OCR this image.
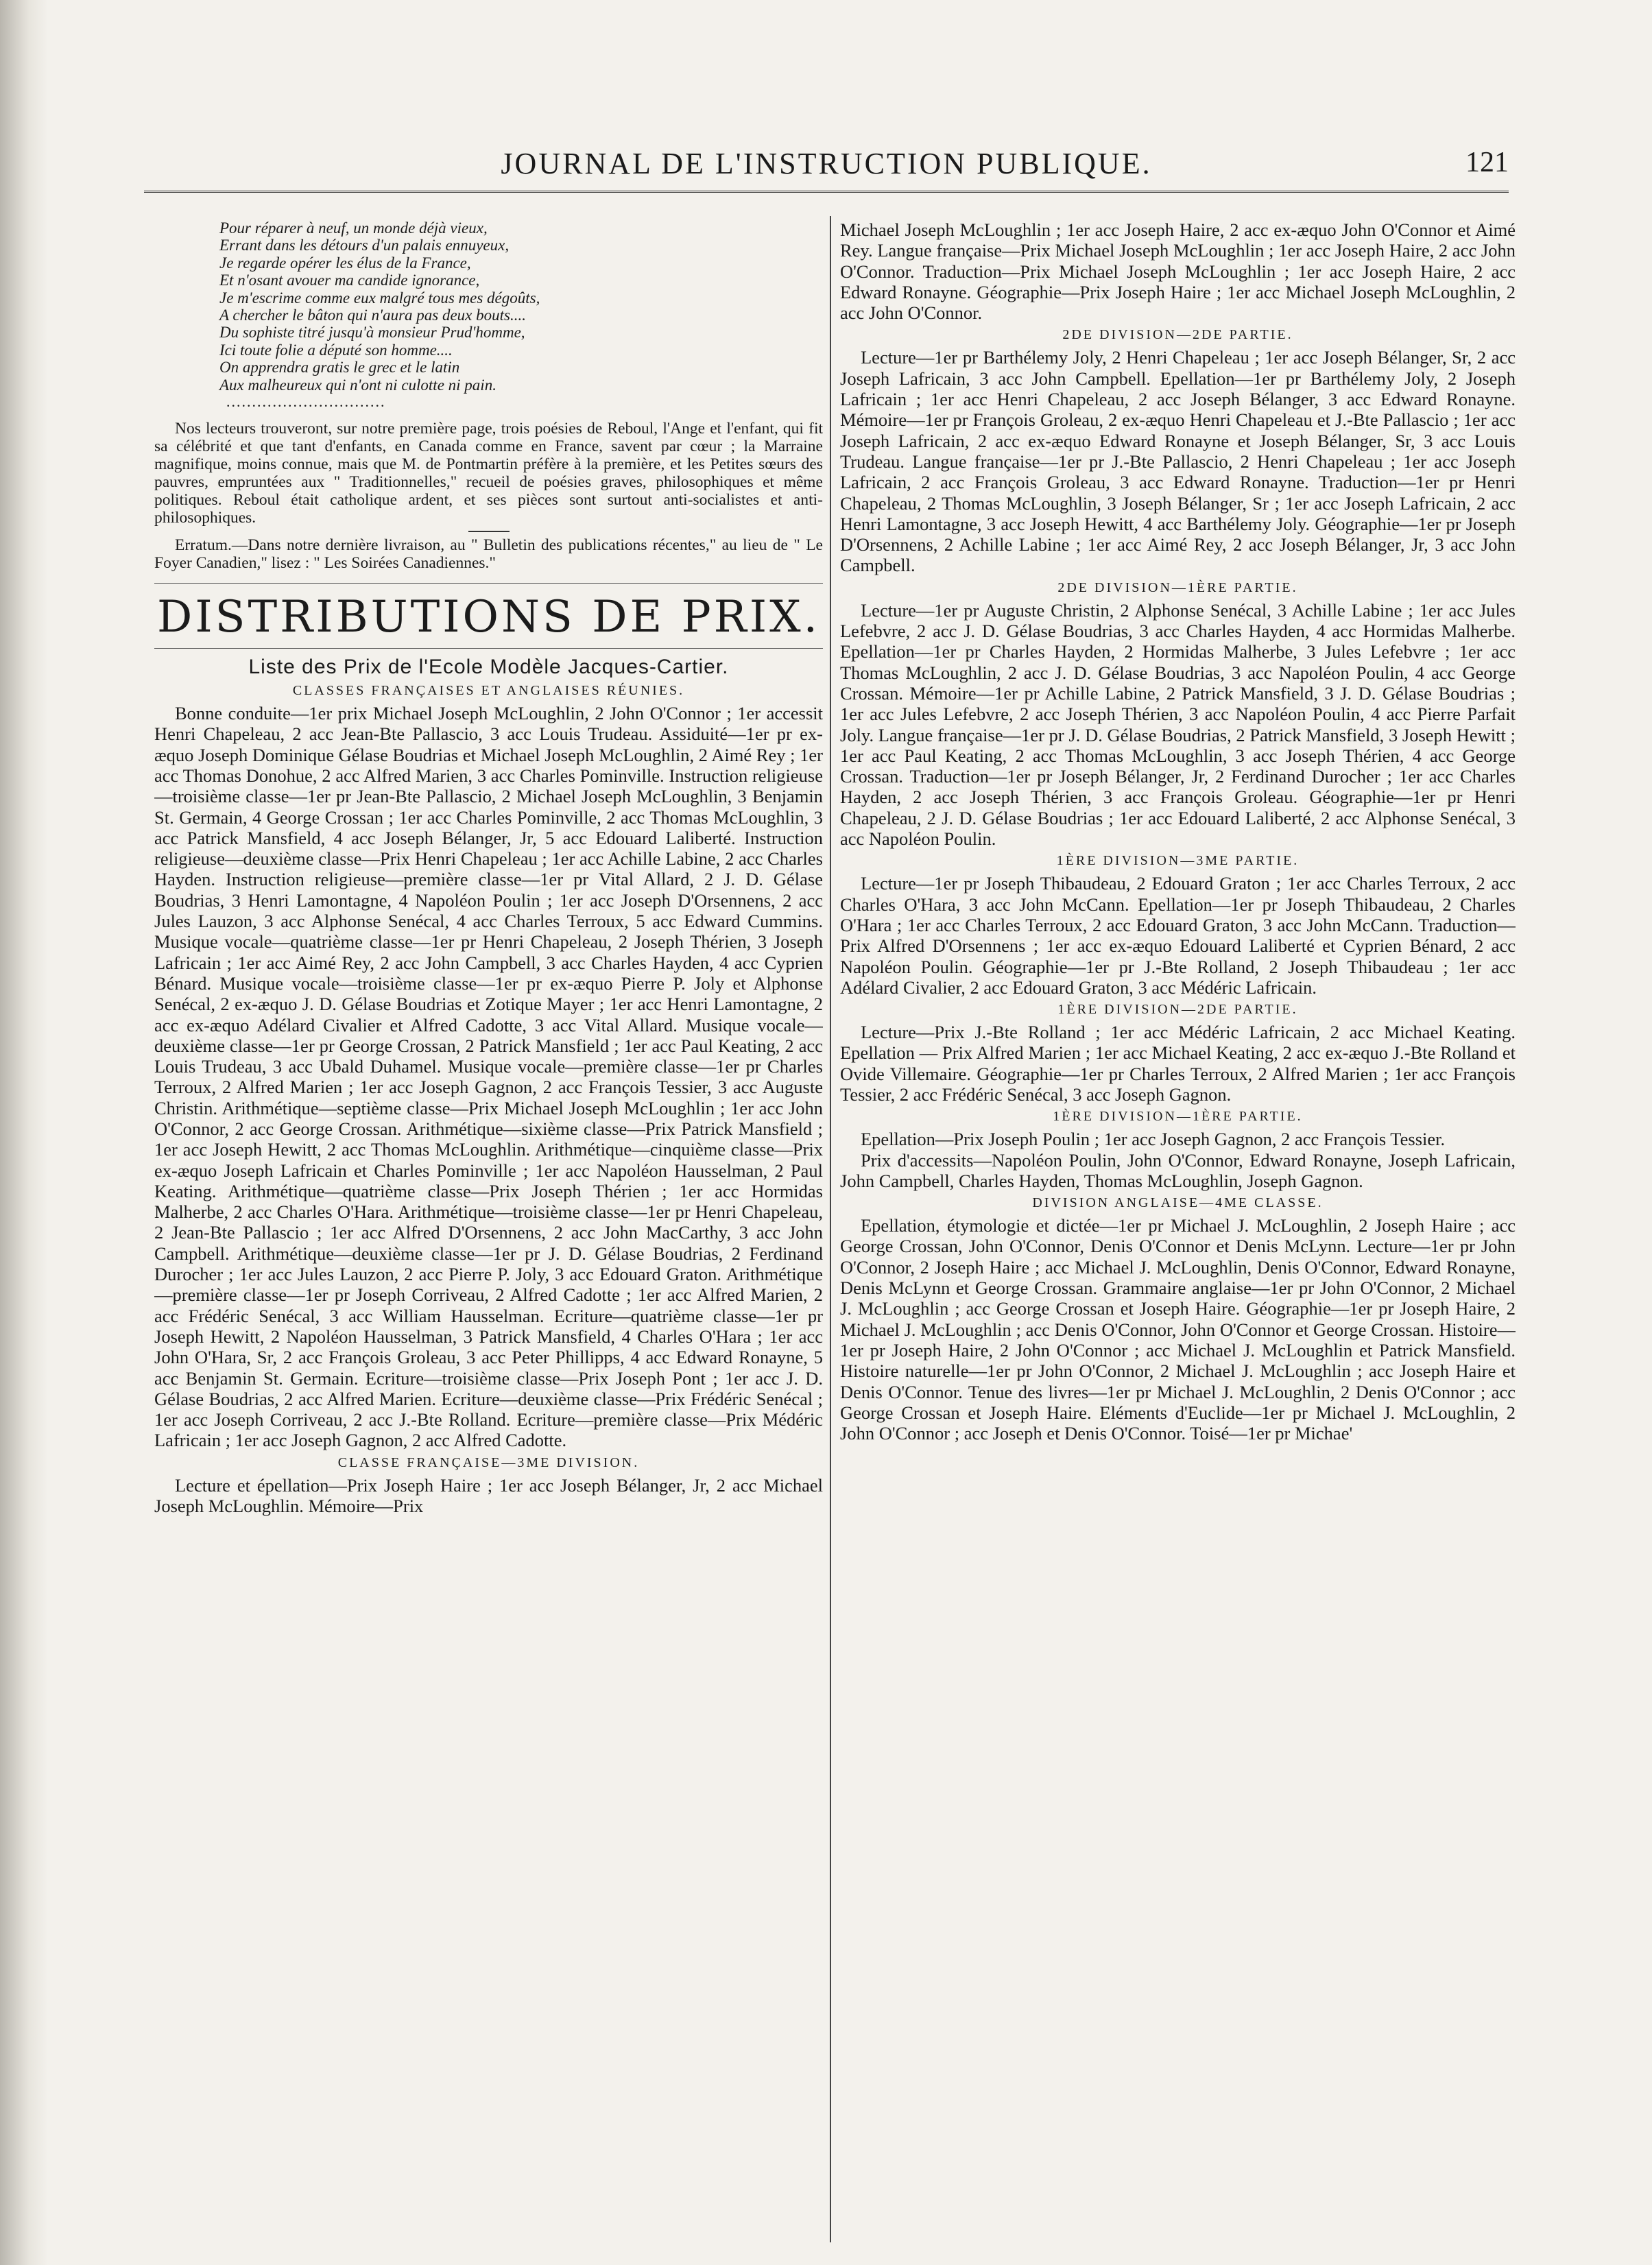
JOURNAL DE L'INSTRUCTION PUBLIQUE.	121
Pour réparer à neuf, un monde déjà vieux,
Errant dans les détours d'un palais ennuyeux,
Je regarde opérer les élus de la France,
Et n'osant avouer ma candide ignorance,
Je m'escrime comme eux malgré tous mes dégoûts,
A chercher le bâton qui n'aura pas deux bouts....
Du sophiste titré jusqu'à monsieur Prud'homme,
Ici toute folie a député son homme....
On apprendra gratis le grec et le latin
Aux malheureux qui n'ont ni culotte ni pain.
...............................

Nos lecteurs trouveront, sur notre première page, trois poésies de Reboul, l'Ange et l'enfant, qui fit sa célébrité et que tant d'enfants, en Canada comme en France, savent par cœur ; la Marraine magnifique, moins connue, mais que M. de Pontmartin préfère à la première, et les Petites sœurs des pauvres, empruntées aux " Traditionnelles," recueil de poésies graves, philosophiques et même politiques. Reboul était catholique ardent, et ses pièces sont surtout anti-socialistes et anti-philosophiques.

Erratum.—Dans notre dernière livraison, au " Bulletin des publications récentes," au lieu de " Le Foyer Canadien," lisez : " Les Soirées Canadiennes."

DISTRIBUTIONS DE PRIX.
Liste des Prix de l'Ecole Modèle Jacques-Cartier.
CLASSES FRANÇAISES ET ANGLAISES RÉUNIES.

Bonne conduite—1er prix Michael Joseph McLoughlin, 2 John O'Connor ; 1er accessit Henri Chapeleau, 2 acc Jean-Bte Pallascio, 3 acc Louis Trudeau. Assiduité—1er pr ex-æquo Joseph Dominique Gélase Boudrias et Michael Joseph McLoughlin, 2 Aimé Rey ; 1er acc Thomas Donohue, 2 acc Alfred Marien, 3 acc Charles Pominville. Instruction religieuse—troisième classe—1er pr Jean-Bte Pallascio, 2 Michael Joseph McLoughlin, 3 Benjamin St. Germain, 4 George Crossan ; 1er acc Charles Pominville, 2 acc Thomas McLoughlin, 3 acc Patrick Mansfield, 4 acc Joseph Bélanger, Jr, 5 acc Edouard Laliberté. Instruction religieuse—deuxième classe—Prix Henri Chapeleau ; 1er acc Achille Labine, 2 acc Charles Hayden. Instruction religieuse—première classe—1er pr Vital Allard, 2 J. D. Gélase Boudrias, 3 Henri Lamontagne, 4 Napoléon Poulin ; 1er acc Joseph D'Orsennens, 2 acc Jules Lauzon, 3 acc Alphonse Senécal, 4 acc Charles Terroux, 5 acc Edward Cummins. Musique vocale—quatrième classe—1er pr Henri Chapeleau, 2 Joseph Thérien, 3 Joseph Lafricain ; 1er acc Aimé Rey, 2 acc John Campbell, 3 acc Charles Hayden, 4 acc Cyprien Bénard. Musique vocale—troisième classe—1er pr ex-æquo Pierre P. Joly et Alphonse Senécal, 2 ex-æquo J. D. Gélase Boudrias et Zotique Mayer ; 1er acc Henri Lamontagne, 2 acc ex-æquo Adélard Civalier et Alfred Cadotte, 3 acc Vital Allard. Musique vocale—deuxième classe—1er pr George Crossan, 2 Patrick Mansfield ; 1er acc Paul Keating, 2 acc Louis Trudeau, 3 acc Ubald Duhamel. Musique vocale—première classe—1er pr Charles Terroux, 2 Alfred Marien ; 1er acc Joseph Gagnon, 2 acc François Tessier, 3 acc Auguste Christin. Arithmétique—septième classe—Prix Michael Joseph McLoughlin ; 1er acc John O'Connor, 2 acc George Crossan. Arithmétique—sixième classe—Prix Patrick Mansfield ; 1er acc Joseph Hewitt, 2 acc Thomas McLoughlin. Arithmétique—cinquième classe—Prix ex-æquo Joseph Lafricain et Charles Pominville ; 1er acc Napoléon Hausselman, 2 Paul Keating. Arithmétique—quatrième classe—Prix Joseph Thérien ; 1er acc Hormidas Malherbe, 2 acc Charles O'Hara. Arithmétique—troisième classe—1er pr Henri Chapeleau, 2 Jean-Bte Pallascio ; 1er acc Alfred D'Orsennens, 2 acc John MacCarthy, 3 acc John Campbell. Arithmétique—deuxième classe—1er pr J. D. Gélase Boudrias, 2 Ferdinand Durocher ; 1er acc Jules Lauzon, 2 acc Pierre P. Joly, 3 acc Edouard Graton. Arithmétique—première classe—1er pr Joseph Corriveau, 2 Alfred Cadotte ; 1er acc Alfred Marien, 2 acc Frédéric Senécal, 3 acc William Hausselman. Ecriture—quatrième classe—1er pr Joseph Hewitt, 2 Napoléon Hausselman, 3 Patrick Mansfield, 4 Charles O'Hara ; 1er acc John O'Hara, Sr, 2 acc François Groleau, 3 acc Peter Phillipps, 4 acc Edward Ronayne, 5 acc Benjamin St. Germain. Ecriture—troisième classe—Prix Joseph Pont ; 1er acc J. D. Gélase Boudrias, 2 acc Alfred Marien. Ecriture—deuxième classe—Prix Frédéric Senécal ; 1er acc Joseph Corriveau, 2 acc J.-Bte Rolland. Ecriture—première classe—Prix Médéric Lafricain ; 1er acc Joseph Gagnon, 2 acc Alfred Cadotte.

CLASSE FRANÇAISE—3ME DIVISION.

Lecture et épellation—Prix Joseph Haire ; 1er acc Joseph Bélanger, Jr, 2 acc Michael Joseph McLoughlin. Mémoire—Prix

Michael Joseph McLoughlin ; 1er acc Joseph Haire, 2 acc ex-æquo John O'Connor et Aimé Rey. Langue française—Prix Michael Joseph McLoughlin ; 1er acc Joseph Haire, 2 acc John O'Connor. Traduction—Prix Michael Joseph McLoughlin ; 1er acc Joseph Haire, 2 acc Edward Ronayne. Géographie—Prix Joseph Haire ; 1er acc Michael Joseph McLoughlin, 2 acc John O'Connor.

2DE DIVISION—2DE PARTIE.

Lecture—1er pr Barthélemy Joly, 2 Henri Chapeleau ; 1er acc Joseph Bélanger, Sr, 2 acc Joseph Lafricain, 3 acc John Campbell. Epellation—1er pr Barthélemy Joly, 2 Joseph Lafricain ; 1er acc Henri Chapeleau, 2 acc Joseph Bélanger, 3 acc Edward Ronayne. Mémoire—1er pr François Groleau, 2 ex-æquo Henri Chapeleau et J.-Bte Pallascio ; 1er acc Joseph Lafricain, 2 acc ex-æquo Edward Ronayne et Joseph Bélanger, Sr, 3 acc Louis Trudeau. Langue française—1er pr J.-Bte Pallascio, 2 Henri Chapeleau ; 1er acc Joseph Lafricain, 2 acc François Groleau, 3 acc Edward Ronayne. Traduction—1er pr Henri Chapeleau, 2 Thomas McLoughlin, 3 Joseph Bélanger, Sr ; 1er acc Joseph Lafricain, 2 acc Henri Lamontagne, 3 acc Joseph Hewitt, 4 acc Barthélemy Joly. Géographie—1er pr Joseph D'Orsennens, 2 Achille Labine ; 1er acc Aimé Rey, 2 acc Joseph Bélanger, Jr, 3 acc John Campbell.

2DE DIVISION—1ÈRE PARTIE.

Lecture—1er pr Auguste Christin, 2 Alphonse Senécal, 3 Achille Labine ; 1er acc Jules Lefebvre, 2 acc J. D. Gélase Boudrias, 3 acc Charles Hayden, 4 acc Hormidas Malherbe. Epellation—1er pr Charles Hayden, 2 Hormidas Malherbe, 3 Jules Lefebvre ; 1er acc Thomas McLoughlin, 2 acc J. D. Gélase Boudrias, 3 acc Napoléon Poulin, 4 acc George Crossan. Mémoire—1er pr Achille Labine, 2 Patrick Mansfield, 3 J. D. Gélase Boudrias ; 1er acc Jules Lefebvre, 2 acc Joseph Thérien, 3 acc Napoléon Poulin, 4 acc Pierre Parfait Joly. Langue française—1er pr J. D. Gélase Boudrias, 2 Patrick Mansfield, 3 Joseph Hewitt ; 1er acc Paul Keating, 2 acc Thomas McLoughlin, 3 acc Joseph Thérien, 4 acc George Crossan. Traduction—1er pr Joseph Bélanger, Jr, 2 Ferdinand Durocher ; 1er acc Charles Hayden, 2 acc Joseph Thérien, 3 acc François Groleau. Géographie—1er pr Henri Chapeleau, 2 J. D. Gélase Boudrias ; 1er acc Edouard Laliberté, 2 acc Alphonse Senécal, 3 acc Napoléon Poulin.

1ÈRE DIVISION—3ME PARTIE.

Lecture—1er pr Joseph Thibaudeau, 2 Edouard Graton ; 1er acc Charles Terroux, 2 acc Charles O'Hara, 3 acc John McCann. Epellation—1er pr Joseph Thibaudeau, 2 Charles O'Hara ; 1er acc Charles Terroux, 2 acc Edouard Graton, 3 acc John McCann. Traduction—Prix Alfred D'Orsennens ; 1er acc ex-æquo Edouard Laliberté et Cyprien Bénard, 2 acc Napoléon Poulin. Géographie—1er pr J.-Bte Rolland, 2 Joseph Thibaudeau ; 1er acc Adélard Civalier, 2 acc Edouard Graton, 3 acc Médéric Lafricain.

1ÈRE DIVISION—2DE PARTIE.

Lecture—Prix J.-Bte Rolland ; 1er acc Médéric Lafricain, 2 acc Michael Keating. Epellation — Prix Alfred Marien ; 1er acc Michael Keating, 2 acc ex-æquo J.-Bte Rolland et Ovide Villemaire. Géographie—1er pr Charles Terroux, 2 Alfred Marien ; 1er acc François Tessier, 2 acc Frédéric Senécal, 3 acc Joseph Gagnon.

1ÈRE DIVISION—1ÈRE PARTIE.

Epellation—Prix Joseph Poulin ; 1er acc Joseph Gagnon, 2 acc François Tessier.

Prix d'accessits—Napoléon Poulin, John O'Connor, Edward Ronayne, Joseph Lafricain, John Campbell, Charles Hayden, Thomas McLoughlin, Joseph Gagnon.

DIVISION ANGLAISE—4ME CLASSE.

Epellation, étymologie et dictée—1er pr Michael J. McLoughlin, 2 Joseph Haire ; acc George Crossan, John O'Connor, Denis O'Connor et Denis McLynn. Lecture—1er pr John O'Connor, 2 Joseph Haire ; acc Michael J. McLoughlin, Denis O'Connor, Edward Ronayne, Denis McLynn et George Crossan. Grammaire anglaise—1er pr John O'Connor, 2 Michael J. McLoughlin ; acc George Crossan et Joseph Haire. Géographie—1er pr Joseph Haire, 2 Michael J. McLoughlin ; acc Denis O'Connor, John O'Connor et George Crossan. Histoire—1er pr Joseph Haire, 2 John O'Connor ; acc Michael J. McLoughlin et Patrick Mansfield. Histoire naturelle—1er pr John O'Connor, 2 Michael J. McLoughlin ; acc Joseph Haire et Denis O'Connor. Tenue des livres—1er pr Michael J. McLoughlin, 2 Denis O'Connor ; acc George Crossan et Joseph Haire. Eléments d'Euclide—1er pr Michael J. McLoughlin, 2 John O'Connor ; acc Joseph et Denis O'Connor. Toisé—1er pr Michae'
